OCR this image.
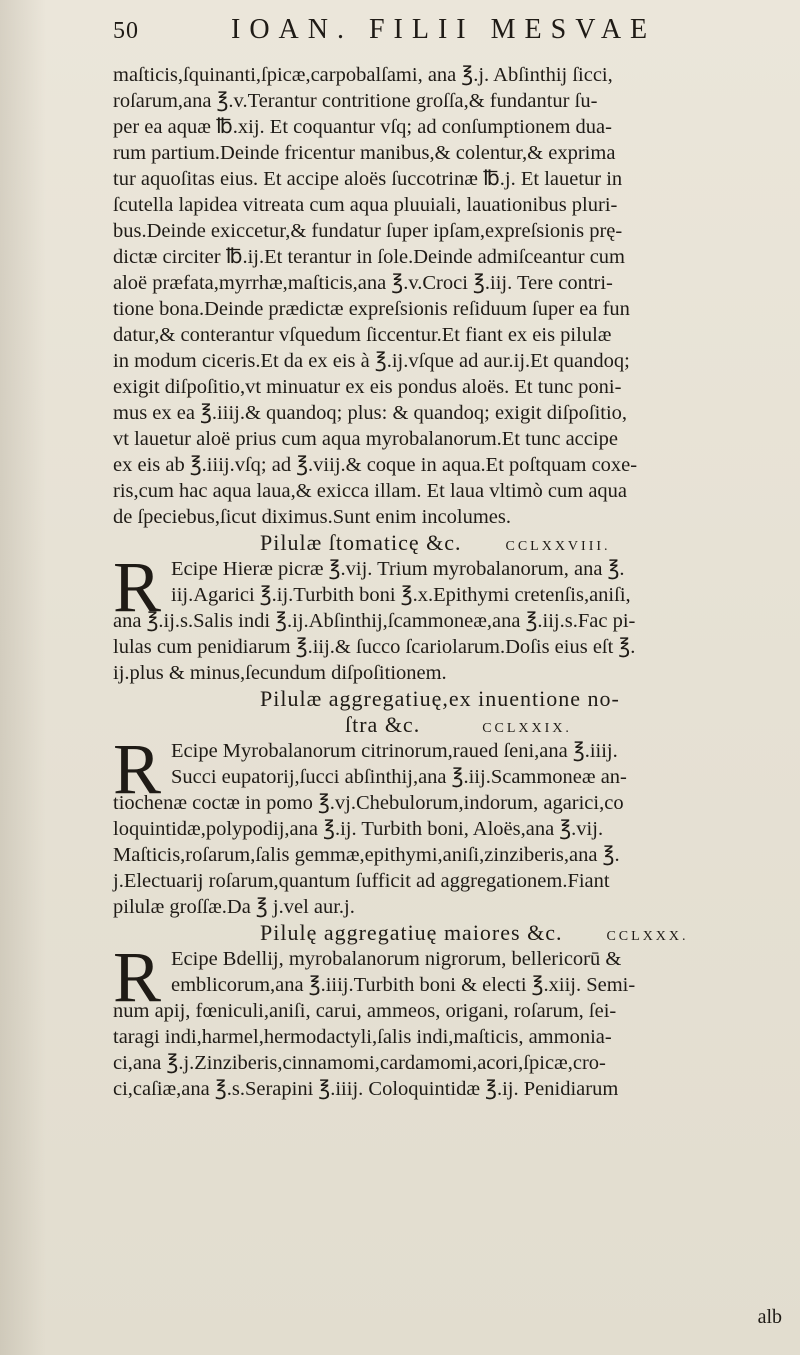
50	IOAN. FILII MESVAE
maſticis,ſquinanti,ſpicæ,carpobalſami, ana ℥.j. Abſinthij ſicci,
roſarum,ana ℥.v.Terantur contritione groſſa,& fundantur ſu-
per ea aquæ ℔.xij. Et coquantur vſq; ad conſumptionem dua-
rum partium.Deinde fricentur manibus,& colentur,& exprima
tur aquoſitas eius. Et accipe aloës ſuccotrinæ ℔.j. Et lauetur in
ſcutella lapidea vitreata cum aqua pluuiali, lauationibus pluri-
bus.Deinde exiccetur,& fundatur ſuper ipſam,expreſsionis prę-
dictæ circiter ℔.ij.Et terantur in ſole.Deinde admiſceantur cum
aloë præfata,myrrhæ,maſticis,ana ℥.v.Croci ℥.iij. Tere contri-
tione bona.Deinde prædictæ expreſsionis reſiduum ſuper ea fun
datur,& conterantur vſquedum ſiccentur.Et fiant ex eis pilulæ
in modum ciceris.Et da ex eis à ℥.ij.vſque ad aur.ij.Et quandoq;
exigit diſpoſitio,vt minuatur ex eis pondus aloës. Et tunc poni-
mus ex ea ℥.iiij.& quandoq; plus: & quandoq; exigit diſpoſitio,
vt lauetur aloë prius cum aqua myrobalanorum.Et tunc accipe
ex eis ab ℥.iiij.vſq; ad ℥.viij.& coque in aqua.Et poſtquam coxe-
ris,cum hac aqua laua,& exicca illam. Et laua vltimò cum aqua
de ſpeciebus,ſicut diximus.Sunt enim incolumes.
Pilulæ ſtomaticę &c.	CCLXXVIII.
R Ecipe Hieræ picræ ℥.vij. Trium myrobalanorum, ana ℥.
iij.Agarici ℥.ij.Turbith boni ℥.x.Epithymi cretenſis,aniſi,
ana ℥.ij.s.Salis indi ℥.ij.Abſinthij,ſcammoneæ,ana ℥.iij.s.Fac pi-
lulas cum penidiarum ℥.iij.& ſucco ſcariolarum.Doſis eius eſt ℥.
ij.plus & minus,ſecundum diſpoſitionem.
Pilulæ aggregatiuę,ex inuentione no-
ſtra &c.	CCLXXIX.
R Ecipe Myrobalanorum citrinorum,raued ſeni,ana ℥.iiij.
Succi eupatorij,ſucci abſinthij,ana ℥.iij.Scammoneæ an-
tiochenæ coctæ in pomo ℥.vj.Chebulorum,indorum, agarici,co
loquintidæ,polypodij,ana ℥.ij. Turbith boni, Aloës,ana ℥.vij.
Maſticis,roſarum,ſalis gemmæ,epithymi,aniſi,zinziberis,ana ℥.
j.Electuarij roſarum,quantum ſufficit ad aggregationem.Fiant
pilulæ groſſæ.Da ℥ j.vel aur.j.
Pilulę aggregatiuę maiores &c.	CCLXXX.
R Ecipe Bdellij, myrobalanorum nigrorum, bellericorū &
emblicorum,ana ℥.iiij.Turbith boni & electi ℥.xiij. Semi-
num apij, fœniculi,aniſi, carui, ammeos, origani, roſarum, ſei-
taragi indi,harmel,hermodactyli,ſalis indi,maſticis, ammonia-
ci,ana ℥.j.Zinziberis,cinnamomi,cardamomi,acori,ſpicæ,cro-
ci,caſiæ,ana ℥.s.Serapini ℥.iiij. Coloquintidæ ℥.ij. Penidiarum
alb
